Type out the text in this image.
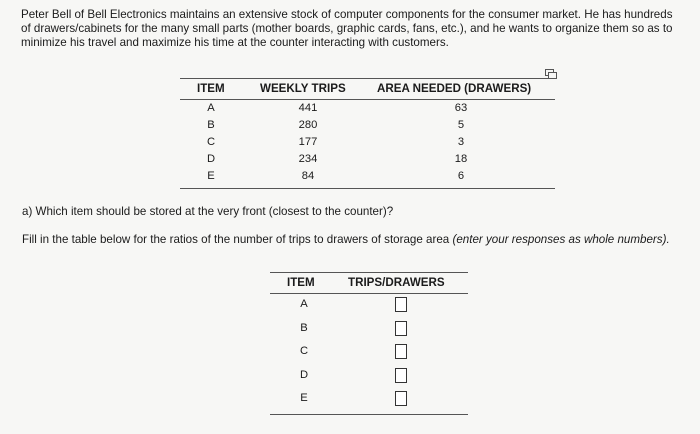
Peter Bell of Bell Electronics maintains an extensive stock of computer components for the consumer market. He has hundreds of drawers/cabinets for the many small parts (mother boards, graphic cards, fans, etc.), and he wants to organize them so as to minimize his travel and maximize his time at the counter interacting with customers.

ITEM	WEEKLY TRIPS	AREA NEEDED (DRAWERS)
A	441	63
B	280	5
C	177	3
D	234	18
E	84	6

a) Which item should be stored at the very front (closest to the counter)?

Fill in the table below for the ratios of the number of trips to drawers of storage area (enter your responses as whole numbers).

ITEM	TRIPS/DRAWERS
A
B
C
D
E
